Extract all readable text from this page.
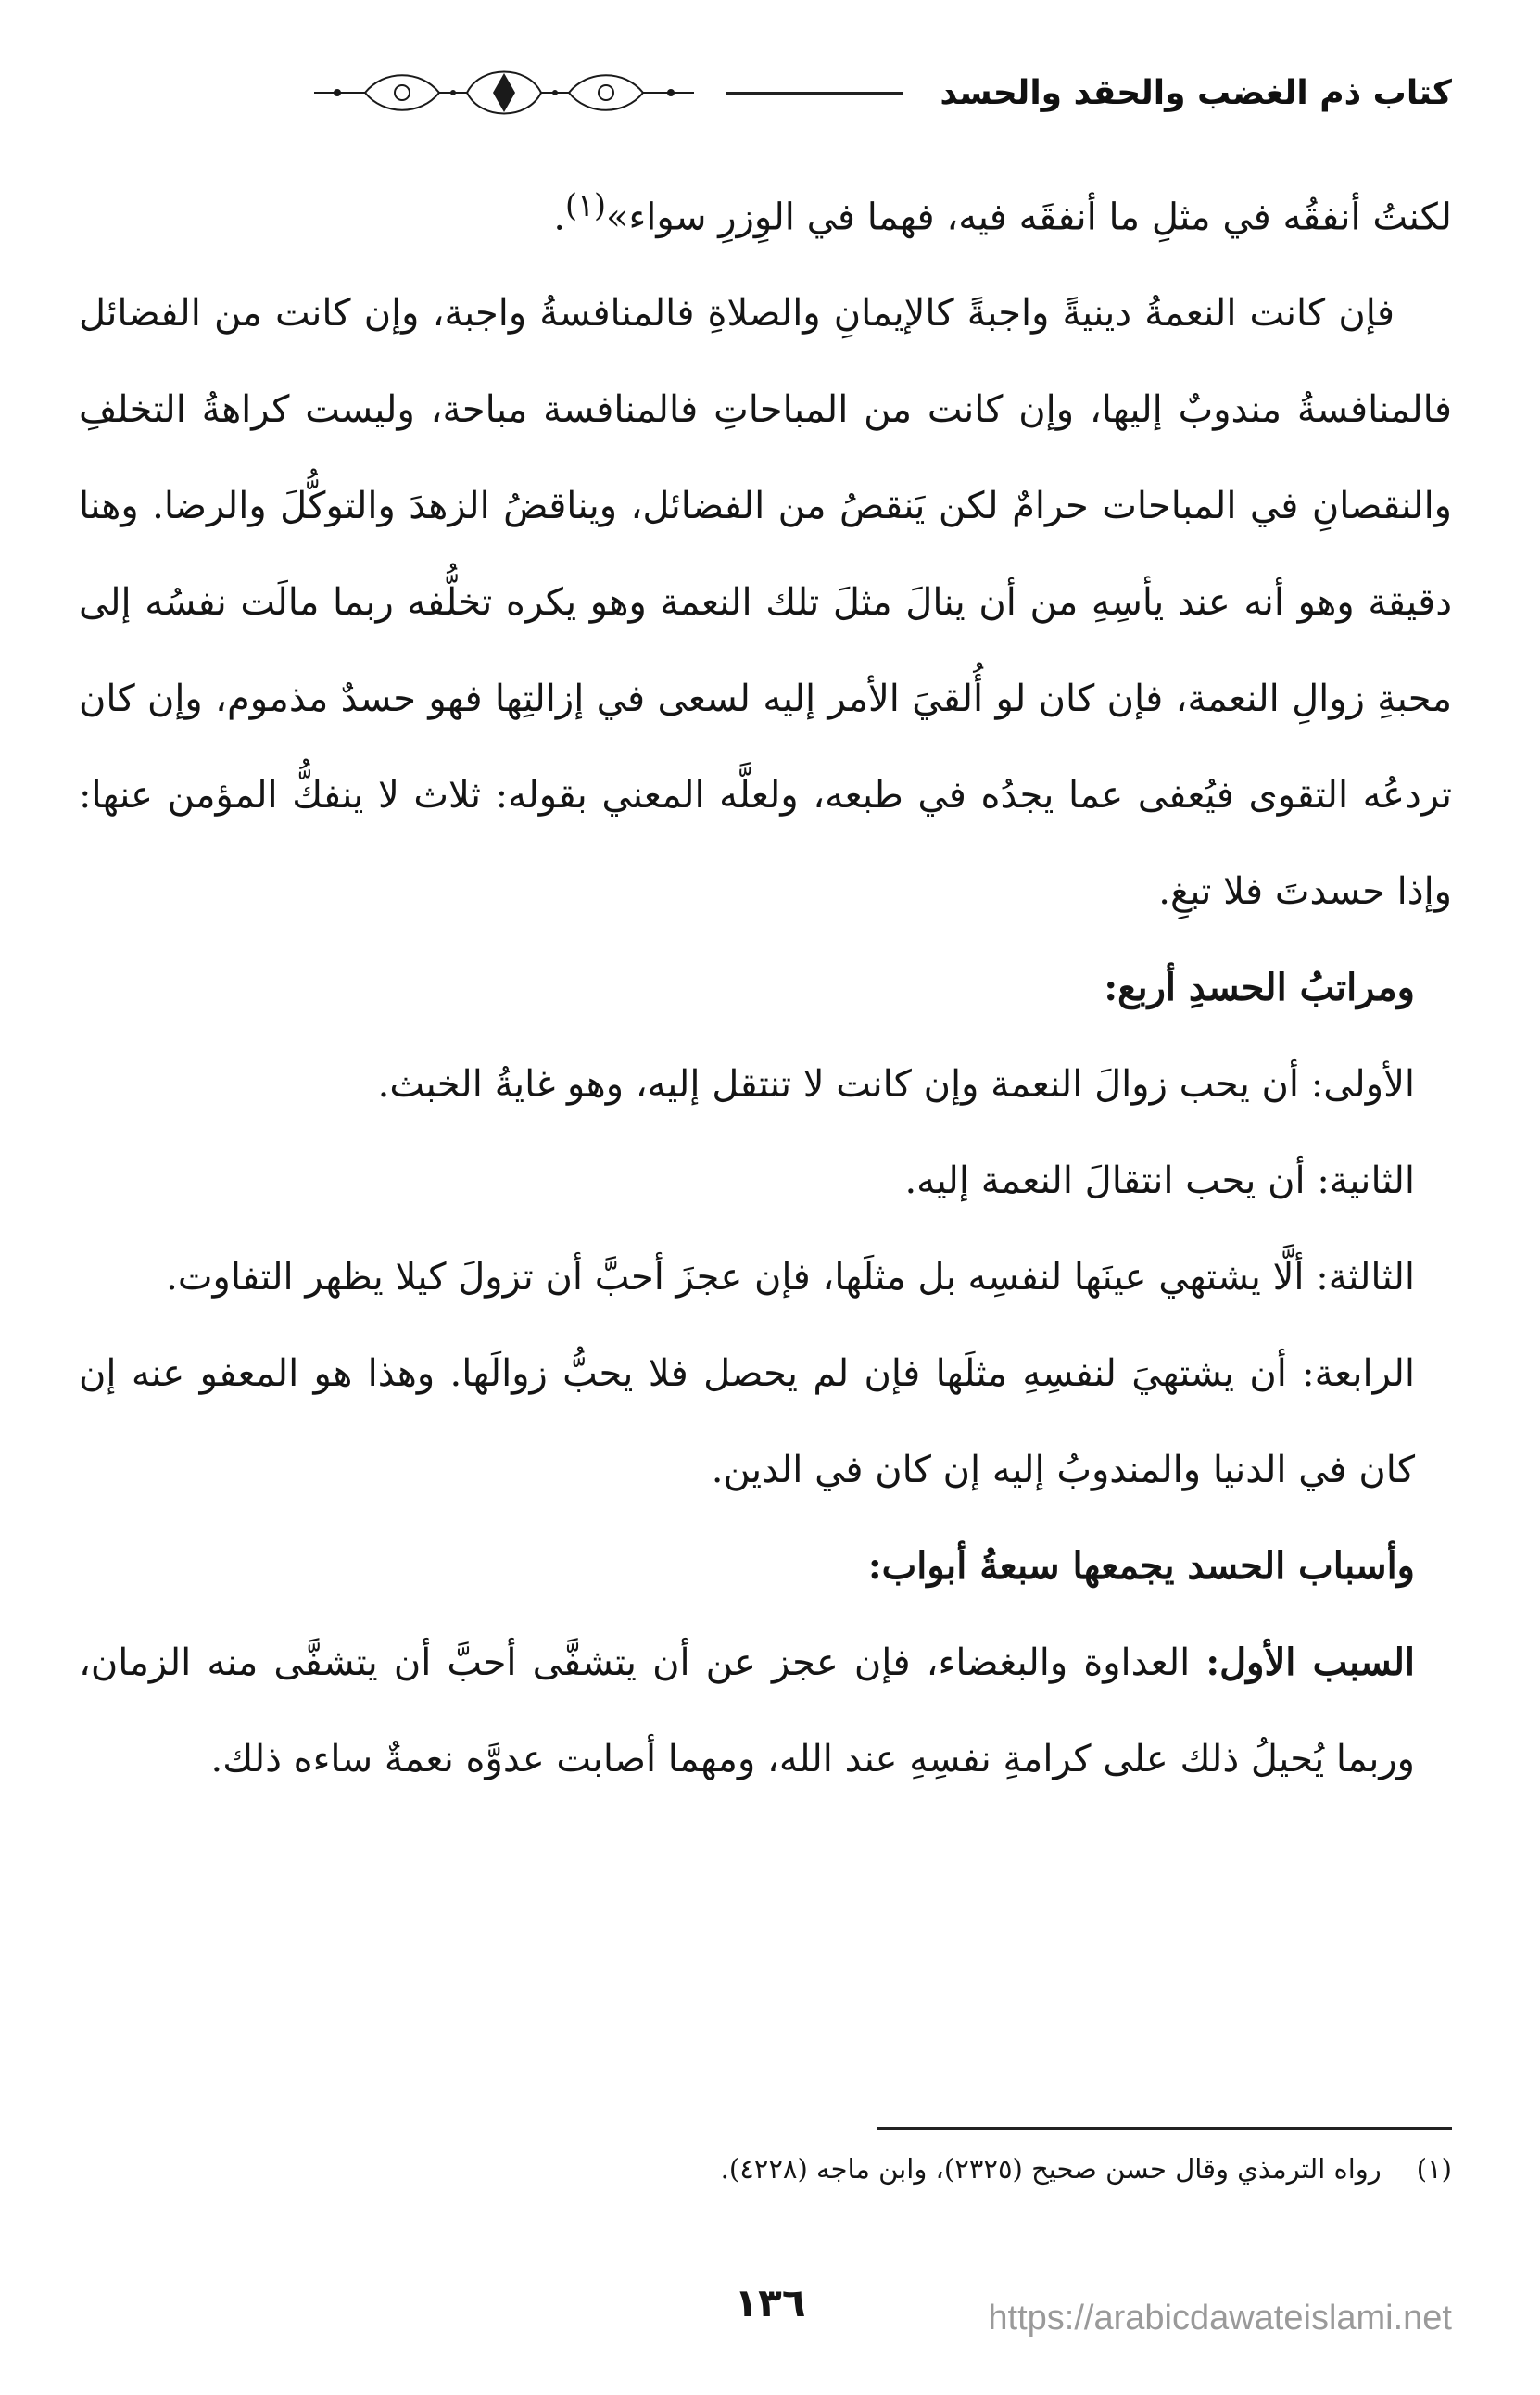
كتاب ذم الغضب والحقد والحسد

لكنتُ أنفقُه في مثلِ ما أنفقَه فيه، فهما في الوِزرِ سواء»$^{(١)}$.

فإن كانت النعمةُ دينيةً واجبةً كالإيمانِ والصلاةِ فالمنافسةُ واجبة، وإن كانت من الفضائل فالمنافسةُ مندوبٌ إليها، وإن كانت من المباحاتِ فالمنافسة مباحة، وليست كراهةُ التخلفِ والنقصانِ في المباحات حرامٌ لكن يَنقصُ من الفضائل، ويناقضُ الزهدَ والتوكُّلَ والرضا. وهنا دقيقة وهو أنه عند يأسِهِ من أن ينالَ مثلَ تلك النعمة وهو يكره تخلُّفه ربما مالَت نفسُه إلى محبةِ زوالِ النعمة، فإن كان لو أُلقيَ الأمر إليه لسعى في إزالتِها فهو حسدٌ مذموم، وإن كان تردعُه التقوى فيُعفى عما يجدُه في طبعه، ولعلَّه المعني بقوله: ثلاث لا ينفكُّ المؤمن عنها: وإذا حسدتَ فلا تبغِ.

ومراتبُ الحسدِ أربع:

الأولى: أن يحب زوالَ النعمة وإن كانت لا تنتقل إليه، وهو غايةُ الخبث.

الثانية: أن يحب انتقالَ النعمة إليه.

الثالثة: ألَّا يشتهي عينَها لنفسِه بل مثلَها، فإن عجزَ أحبَّ أن تزولَ كيلا يظهر التفاوت.

الرابعة: أن يشتهيَ لنفسِهِ مثلَها فإن لم يحصل فلا يحبُّ زوالَها. وهذا هو المعفو عنه إن كان في الدنيا والمندوبُ إليه إن كان في الدين.

وأسباب الحسد يجمعها سبعةُ أبواب:

السبب الأول: العداوة والبغضاء، فإن عجز عن أن يتشفَّى أحبَّ أن يتشفَّى منه الزمان، وربما يُحيلُ ذلك على كرامةِ نفسِهِ عند الله، ومهما أصابت عدوَّه نعمةٌ ساءه ذلك.

(١)رواه الترمذي وقال حسن صحيح (٢٣٢٥)، وابن ماجه (٤٢٢٨).
١٣٦	https://arabicdawateislami.net
